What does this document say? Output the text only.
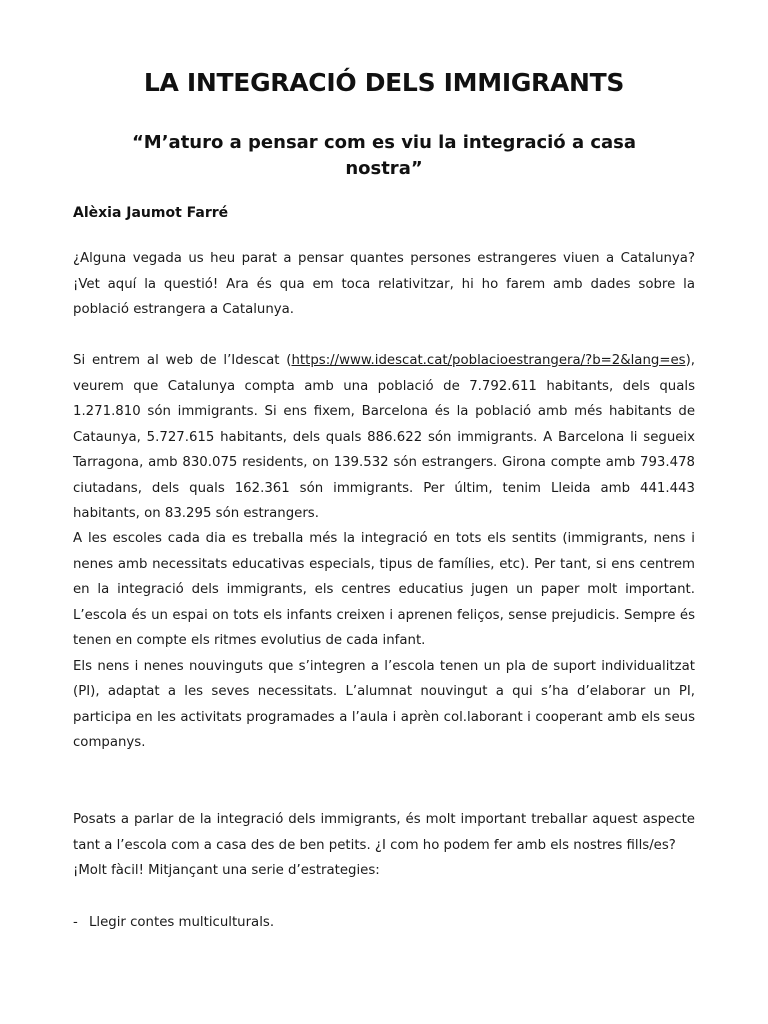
LA INTEGRACIÓ DELS IMMIGRANTS
“M’aturo a pensar com es viu la integració a casa nostra”

Alèxia Jaumot Farré

¿Alguna vegada us heu parat a pensar quantes persones estrangeres viuen a Catalunya? ¡Vet aquí la questió! Ara és qua em toca relativitzar, hi ho farem amb dades sobre la població estrangera a Catalunya.

Si entrem al web de l’Idescat (https://www.idescat.cat/poblacioestrangera/?b=2&lang=es), veurem que Catalunya compta amb una població de 7.792.611 habitants, dels quals 1.271.810 són immigrants. Si ens fixem, Barcelona és la població amb més habitants de Cataunya, 5.727.615 habitants, dels quals 886.622 són immigrants. A Barcelona li segueix Tarragona, amb 830.075 residents, on 139.532 són estrangers. Girona compte amb 793.478 ciutadans, dels quals 162.361 són immigrants. Per últim, tenim Lleida amb 441.443 habitants, on 83.295 són estrangers.

A les escoles cada dia es treballa més la integració en tots els sentits (immigrants, nens i nenes amb necessitats educativas especials, tipus de famílies, etc). Per tant, si ens centrem en la integració dels immigrants, els centres educatius jugen un paper molt important. L’escola és un espai on tots els infants creixen i aprenen feliços, sense prejudicis. Sempre és tenen en compte els ritmes evolutius de cada infant.
Els nens i nenes nouvinguts que s’integren a l’escola tenen un pla de suport individualitzat (PI), adaptat a les seves necessitats. L’alumnat nouvingut a qui s’ha d’elaborar un PI, participa en les activitats programades a l’aula i aprèn col.laborant i cooperant amb els seus companys.
Posats a parlar de la integració dels immigrants, és molt important treballar aquest aspecte tant a l’escola com a casa des de ben petits. ¿I com ho podem fer amb els nostres fills/es?
¡Molt fàcil! Mitjançant una serie d’estrategies:
- Llegir contes multiculturals.
